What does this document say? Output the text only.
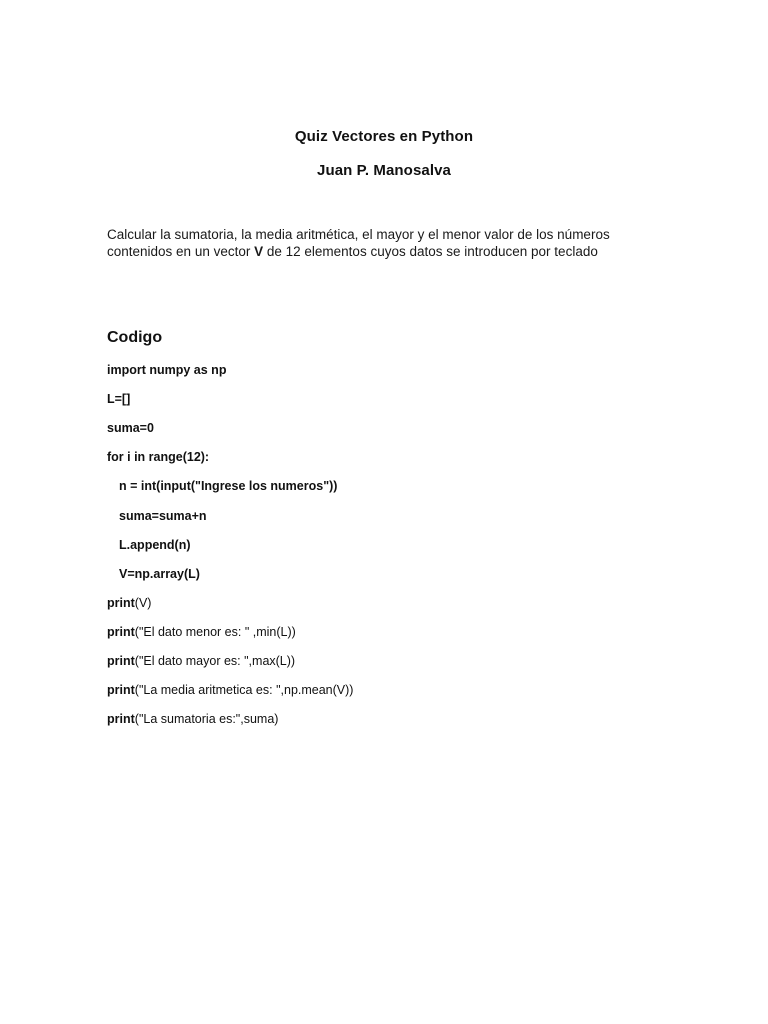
Quiz Vectores en Python
Juan P. Manosalva
Calcular la sumatoria, la media aritmética, el mayor y el menor valor de los números contenidos en un vector V de 12 elementos cuyos datos se introducen por teclado
Codigo
import numpy as np
L=[]
suma=0
for i in range(12):
n = int(input("Ingrese los numeros"))
suma=suma+n
L.append(n)
V=np.array(L)
print(V)
print("El dato menor es: " ,min(L))
print("El dato mayor es: ",max(L))
print("La media aritmetica es: ",np.mean(V))
print("La sumatoria es:",suma)
